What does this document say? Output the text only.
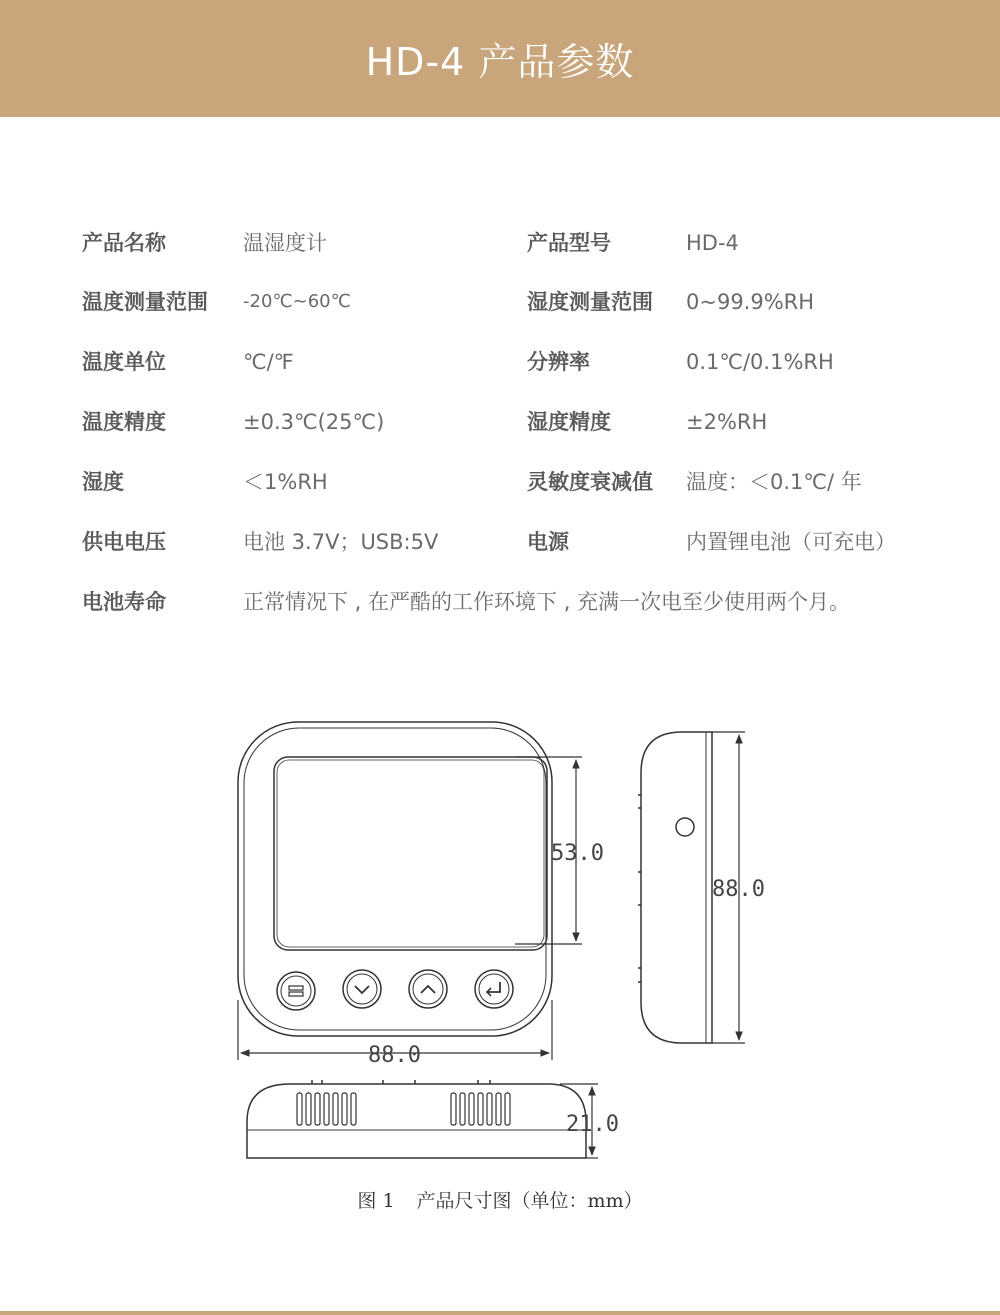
HD-4 产品参数
产品名称	温湿度计	产品型号	HD-4
温度测量范围 -20℃~60℃	湿度测量范围 0~99.9%RH
温度单位	℃/℉	分辨率	0.1℃/0.1%RH
温度精度	±0.3℃(25℃)	湿度精度	±2%RH
湿度	＜1%RH	灵敏度衰减值 温度：＜0.1℃/ 年
供电电压	电池 3.7V；USB:5V	电源	内置锂电池（可充电）
电池寿命	正常情况下 , 在严酷的工作环境下 , 充满一次电至少使用两个月。
53.0
88.0
88.0
21.0
图 1 产品尺寸图（单位：mm）
